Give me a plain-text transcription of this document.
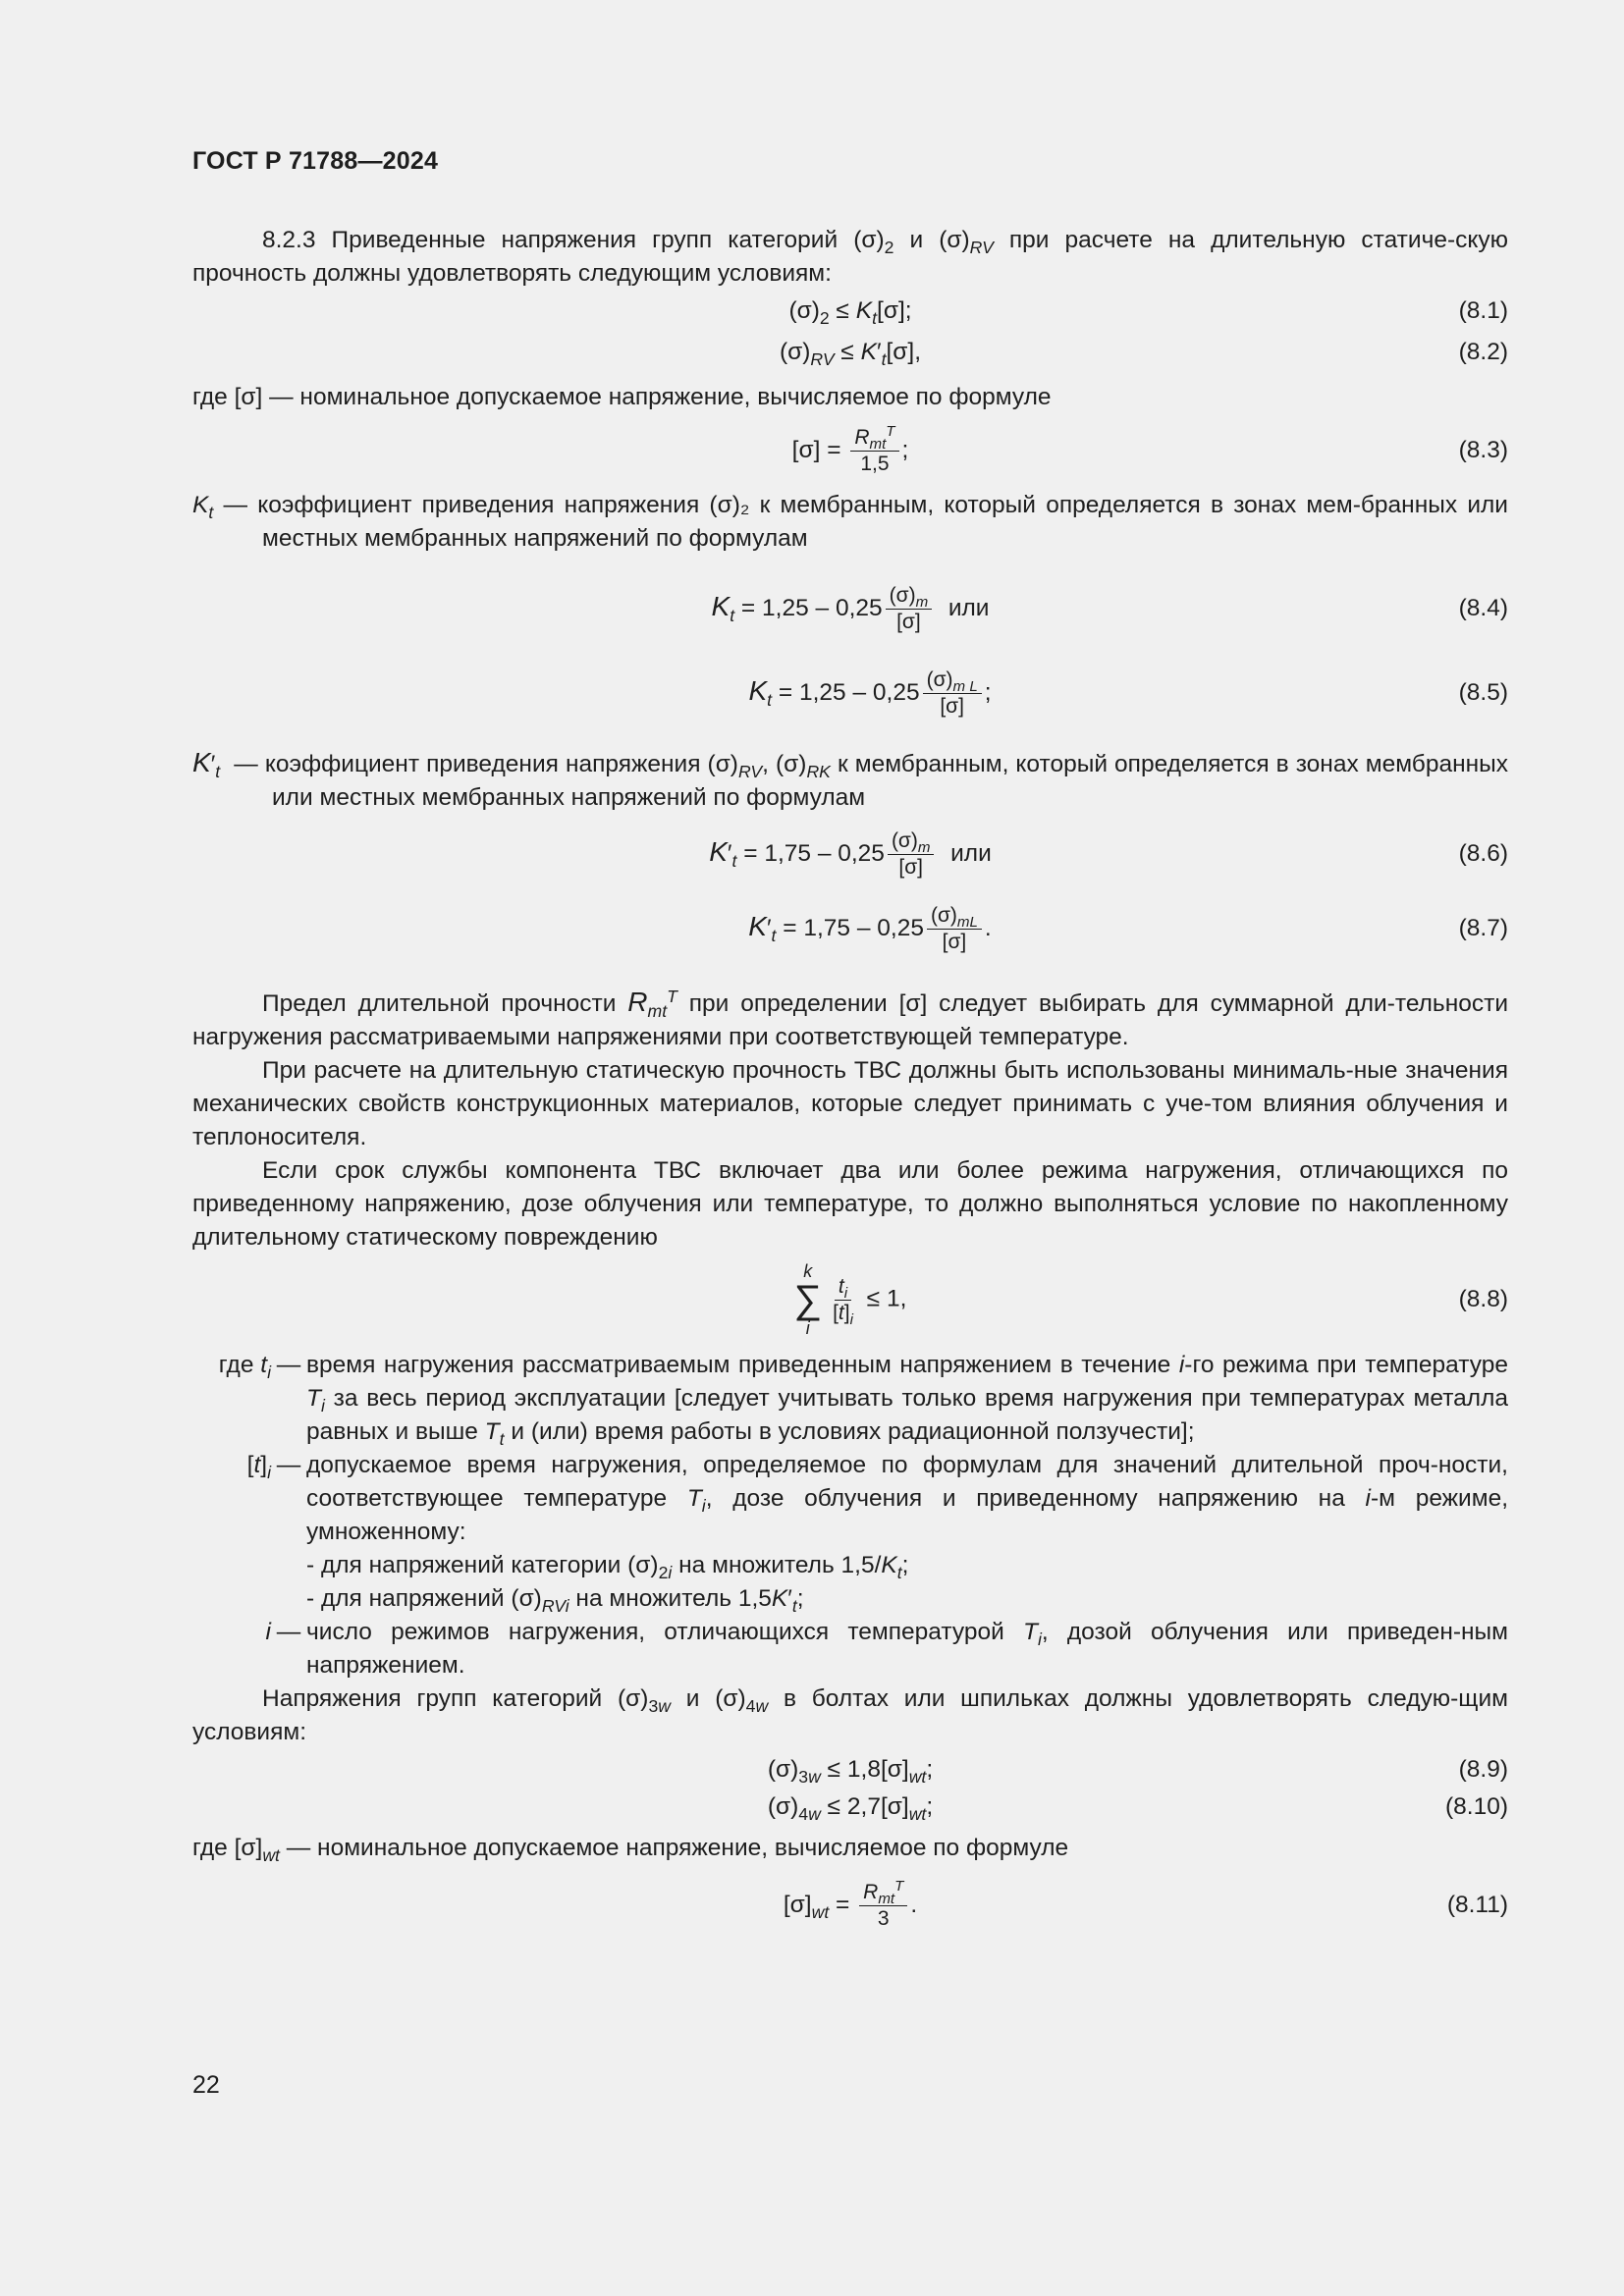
ГОСТ Р 71788—2024

8.2.3 Приведенные напряжения групп категорий $(\sigma)_2$ и $(\sigma)_{RV}$ при расчете на длительную статиче-скую прочность должны удовлетворять следующим условиям:

$(\sigma)_2 \le K_t[\sigma]$;	(8.1)
$(\sigma)_{RV} \le K'_t[\sigma]$,	(8.2)

где [σ] — номинальное допускаемое напряжение, вычисляемое по формуле

$[\sigma] = \frac{R_{mt}^T}{1,5}$ ;	(8.3)
$K_t$ — коэффициент приведения напряжения (σ)₂ к мембранным, который определяется в зонах мем-бранных или местных мембранных напряжений по формулам
$K_t = 1,25 - 0,25 \frac{(\sigma)_m}{[\sigma]}$ или	(8.4)
$K_t = 1,25 - 0,25 \frac{(\sigma)_{m L}}{[\sigma]}$ ;	(8.5)
$K'_t$  — коэффициент приведения напряжения $(\sigma)_{RV}$, $(\sigma)_{RK}$ к мембранным, который определяется в зонах мембранных или местных мембранных напряжений по формулам
$K'_t = 1,75 - 0,25 \frac{(\sigma)_m}{[\sigma]}$ или	(8.6)
$K'_t = 1,75 - 0,25 \frac{(\sigma)_{mL}}{[\sigma]}$ .	(8.7)

Предел длительной прочности $R_{mt}^T$ при определении [σ] следует выбирать для суммарной дли-тельности нагружения рассматриваемыми напряжениями при соответствующей температуре.

При расчете на длительную статическую прочность ТВС должны быть использованы минималь-ные значения механических свойств конструкционных материалов, которые следует принимать с уче-том влияния облучения и теплоносителя.

Если срок службы компонента ТВС включает два или более режима нагружения, отличающихся по приведенному напряжению, дозе облучения или температуре, то должно выполняться условие по накопленному длительному статическому повреждению

k
∑
i
$\frac{t_i}{[t]_i} \le 1$,	(8.8)
где $t_i$ — время нагружения рассматриваемым приведенным напряжением в течение i-го режима при температуре $T_i$ за весь период эксплуатации [следует учитывать только время нагружения при температурах металла равных и выше $T_t$ и (или) время работы в условиях радиационной ползучести];
$[t]_i$ — допускаемое время нагружения, определяемое по формулам для значений длительной проч-ности, соответствующее температуре $T_i$, дозе облучения и приведенному напряжению на i-м режиме, умноженному:
- для напряжений категории $(\sigma)_{2i}$ на множитель $1,5/K_t$;
- для напряжений $(\sigma)_{RVi}$ на множитель $1,5K'_t$;
i — число режимов нагружения, отличающихся температурой $T_i$, дозой облучения или приведен-ным напряжением.

Напряжения групп категорий $(\sigma)_{3w}$ и $(\sigma)_{4w}$ в болтах или шпильках должны удовлетворять следую-щим условиям:

$(\sigma)_{3w} \le 1,8[\sigma]_{wt}$;	(8.9)
$(\sigma)_{4w} \le 2,7[\sigma]_{wt}$;	(8.10)

где $[\sigma]_{wt}$ — номинальное допускаемое напряжение, вычисляемое по формуле

$[\sigma]_{wt} = \frac{R_{mt}^T}{3}$ .	(8.11)
22
